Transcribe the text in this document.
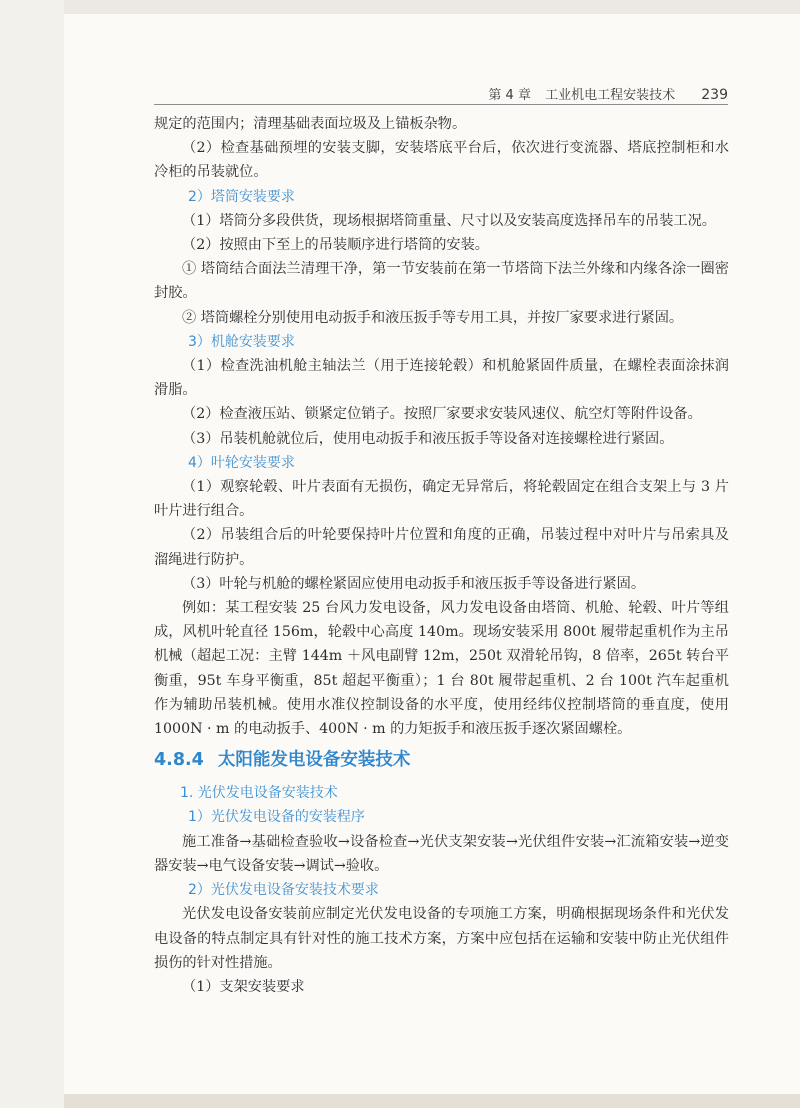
第 4 章 工业机电工程安装技术 239

规定的范围内；清理基础表面垃圾及上锚板杂物。

（2）检查基础预埋的安装支脚，安装塔底平台后，依次进行变流器、塔底控制柜和水冷柜的吊装就位。

2）塔筒安装要求

（1）塔筒分多段供货，现场根据塔筒重量、尺寸以及安装高度选择吊车的吊装工况。

（2）按照由下至上的吊装顺序进行塔筒的安装。

① 塔筒结合面法兰清理干净，第一节安装前在第一节塔筒下法兰外缘和内缘各涂一圈密封胶。

② 塔筒螺栓分别使用电动扳手和液压扳手等专用工具，并按厂家要求进行紧固。

3）机舱安装要求

（1）检查洗油机舱主轴法兰（用于连接轮毂）和机舱紧固件质量，在螺栓表面涂抹润滑脂。

（2）检查液压站、锁紧定位销子。按照厂家要求安装风速仪、航空灯等附件设备。

（3）吊装机舱就位后，使用电动扳手和液压扳手等设备对连接螺栓进行紧固。

4）叶轮安装要求

（1）观察轮毂、叶片表面有无损伤，确定无异常后，将轮毂固定在组合支架上与 3 片叶片进行组合。

（2）吊装组合后的叶轮要保持叶片位置和角度的正确，吊装过程中对叶片与吊索具及溜绳进行防护。

（3）叶轮与机舱的螺栓紧固应使用电动扳手和液压扳手等设备进行紧固。

例如：某工程安装 25 台风力发电设备，风力发电设备由塔筒、机舱、轮毂、叶片等组成，风机叶轮直径 156m，轮毂中心高度 140m。现场安装采用 800t 履带起重机作为主吊机械（超起工况：主臂 144m ＋风电副臂 12m，250t 双滑轮吊钩，8 倍率，265t 转台平衡重，95t 车身平衡重，85t 超起平衡重）；1 台 80t 履带起重机、2 台 100t 汽车起重机作为辅助吊装机械。使用水准仪控制设备的水平度，使用经纬仪控制塔筒的垂直度，使用 1000N · m 的电动扳手、400N · m 的力矩扳手和液压扳手逐次紧固螺栓。

4.8.4 太阳能发电设备安装技术

1. 光伏发电设备安装技术

1）光伏发电设备的安装程序

施工准备→基础检查验收→设备检查→光伏支架安装→光伏组件安装→汇流箱安装→逆变器安装→电气设备安装→调试→验收。

2）光伏发电设备安装技术要求

光伏发电设备安装前应制定光伏发电设备的专项施工方案，明确根据现场条件和光伏发电设备的特点制定具有针对性的施工技术方案，方案中应包括在运输和安装中防止光伏组件损伤的针对性措施。

（1）支架安装要求
